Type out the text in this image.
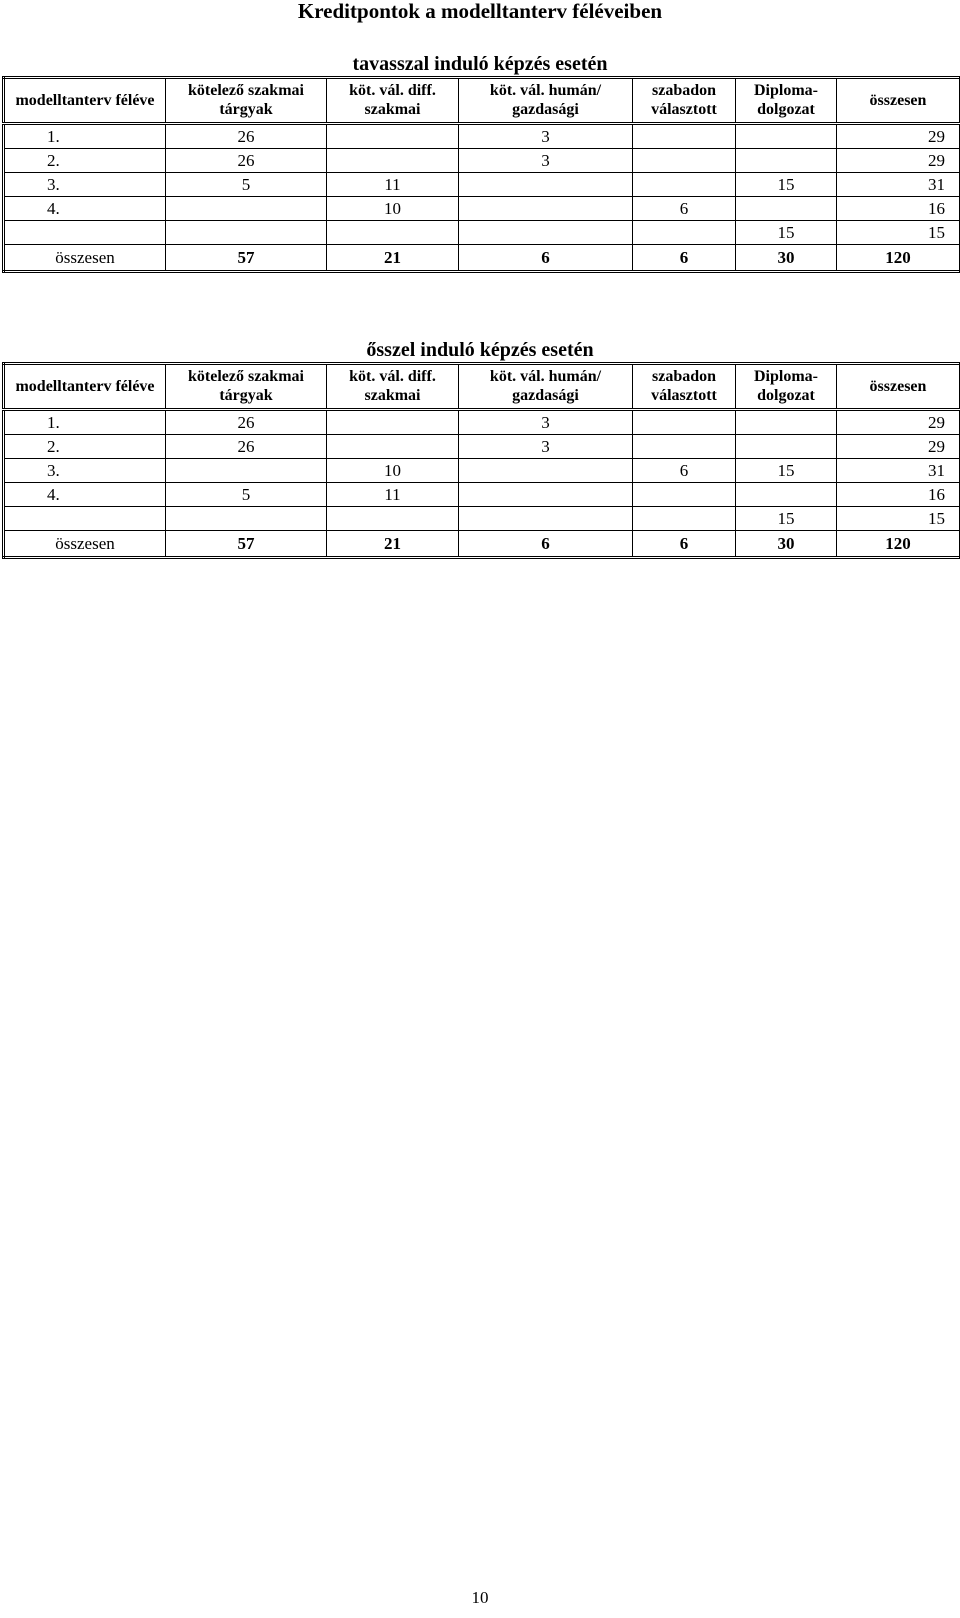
Kreditpontok a modelltanterv féléveiben
tavasszal induló képzés esetén
modelltanterv féléve	kötelező szakmai tárgyak	köt. vál. diff. szakmai	köt. vál. humán/ gazdasági	szabadon választott	Diploma-dolgozat	összesen
1.	26		3			29
2.	26		3			29
3.	5	11			15	31
4.		10		6		16
					15	15
összesen	57	21	6	6	30	120
ősszel induló képzés esetén
modelltanterv féléve	kötelező szakmai tárgyak	köt. vál. diff. szakmai	köt. vál. humán/ gazdasági	szabadon választott	Diploma-dolgozat	összesen
1.	26		3			29
2.	26		3			29
3.		10		6	15	31
4.	5	11				16
					15	15
összesen	57	21	6	6	30	120
10
